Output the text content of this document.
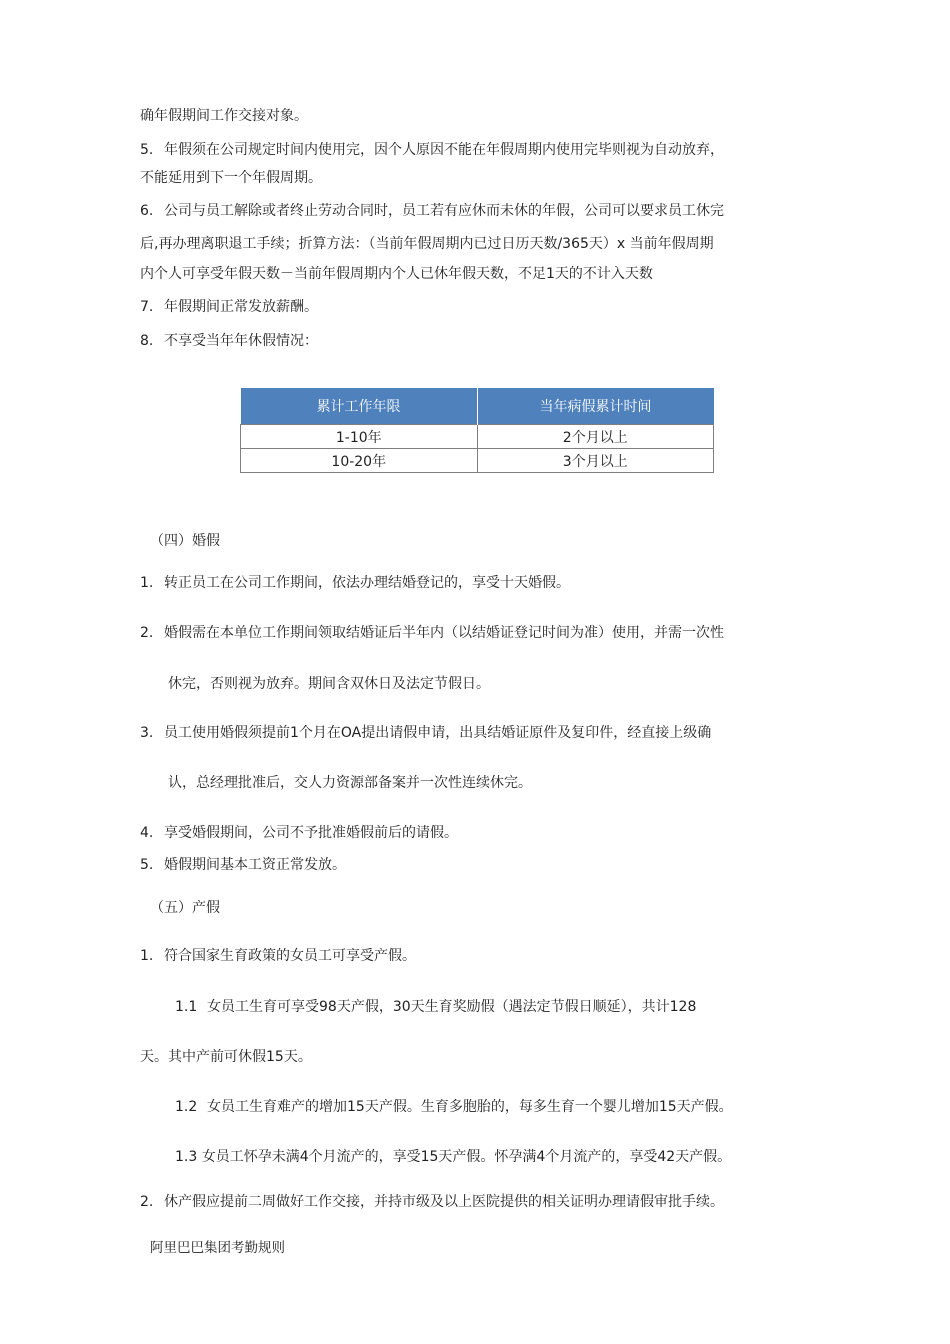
确年假期间工作交接对象。
5. 年假须在公司规定时间内使用完，因个人原因不能在年假周期内使用完毕则视为自动放弃，
不能延用到下一个年假周期。
6. 公司与员工解除或者终止劳动合同时，员工若有应休而未休的年假，公司可以要求员工休完
后,再办理离职退工手续；折算方法：（当前年假周期内已过日历天数/365天）x 当前年假周期
内个人可享受年假天数－当前年假周期内个人已休年假天数，不足1天的不计入天数
7. 年假期间正常发放薪酬。
8. 不享受当年年休假情况：
累计工作年限	当年病假累计时间
1-10年	2个月以上
10-20年	3个月以上
（四）婚假
1. 转正员工在公司工作期间，依法办理结婚登记的，享受十天婚假。
2. 婚假需在本单位工作期间领取结婚证后半年内（以结婚证登记时间为准）使用，并需一次性
休完，否则视为放弃。期间含双休日及法定节假日。
3. 员工使用婚假须提前1个月在OA提出请假申请，出具结婚证原件及复印件，经直接上级确
认，总经理批准后，交人力资源部备案并一次性连续休完。
4. 享受婚假期间，公司不予批准婚假前后的请假。
5. 婚假期间基本工资正常发放。
（五）产假
1. 符合国家生育政策的女员工可享受产假。
1.1 女员工生育可享受98天产假，30天生育奖励假（遇法定节假日顺延），共计128
天。其中产前可休假15天。
1.2 女员工生育难产的增加15天产假。生育多胞胎的，每多生育一个婴儿增加15天产假。
1.3 女员工怀孕未满4个月流产的，享受15天产假。怀孕满4个月流产的，享受42天产假。
2. 休产假应提前二周做好工作交接，并持市级及以上医院提供的相关证明办理请假审批手续。
阿里巴巴集团考勤规则
